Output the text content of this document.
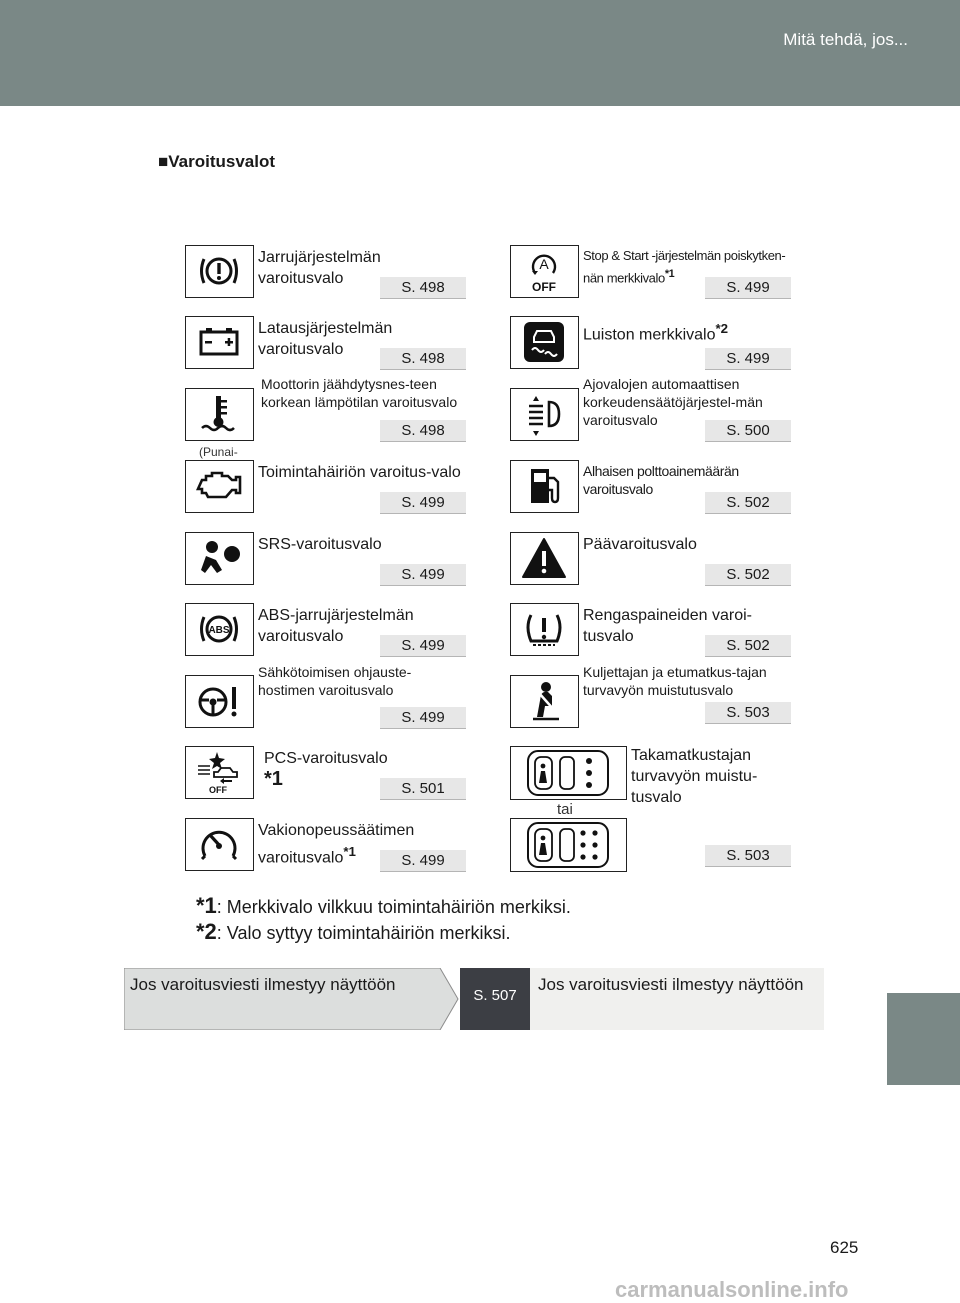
Mitä tehdä, jos...
■Varoitusvalot
Jarrujärjestelmän varoitusvalo
S. 498
Latausjärjestelmän varoitusvalo
S. 498
(Punai-
Moottorin jäähdytysnes-teen korkean lämpötilan varoitusvalo
S. 498
Toimintahäiriön varoitus-valo
S. 499
SRS-varoitusvalo
S. 499
ABS
ABS-jarrujärjestelmän varoitusvalo
S. 499
Sähkötoimisen ohjauste-hostimen varoitusvalo
S. 499
OFF
PCS-varoitusvalo
*1	S. 501
Vakionopeussäätimen varoitusvalo$^{*1}$
S. 499
A
OFF
Stop & Start -järjestelmän poiskytken-nän merkkivalo$^{*1}$
S. 499
Luiston merkkivalo$^{*2}$
S. 499
Ajovalojen automaattisen korkeudensäätöjärjestel-män varoitusvalo
S. 500
Alhaisen polttoainemäärän varoitusvalo
S. 502
Päävaroitusvalo
S. 502
Rengaspaineiden varoi-tusvalo
S. 502
Kuljettajan ja etumatkus-tajan turvavyön muistutusvalo
S. 503
tai
Takamatkustajan turvavyön muistu-tusvalo
S. 503
*1: Merkkivalo vilkkuu toimintahäiriön merkiksi.
*2: Valo syttyy toimintahäiriön merkiksi.
Jos varoitusviesti ilmestyy näyttöön
S. 507
Jos varoitusviesti ilmestyy näyttöön
625
carmanualsonline.info
